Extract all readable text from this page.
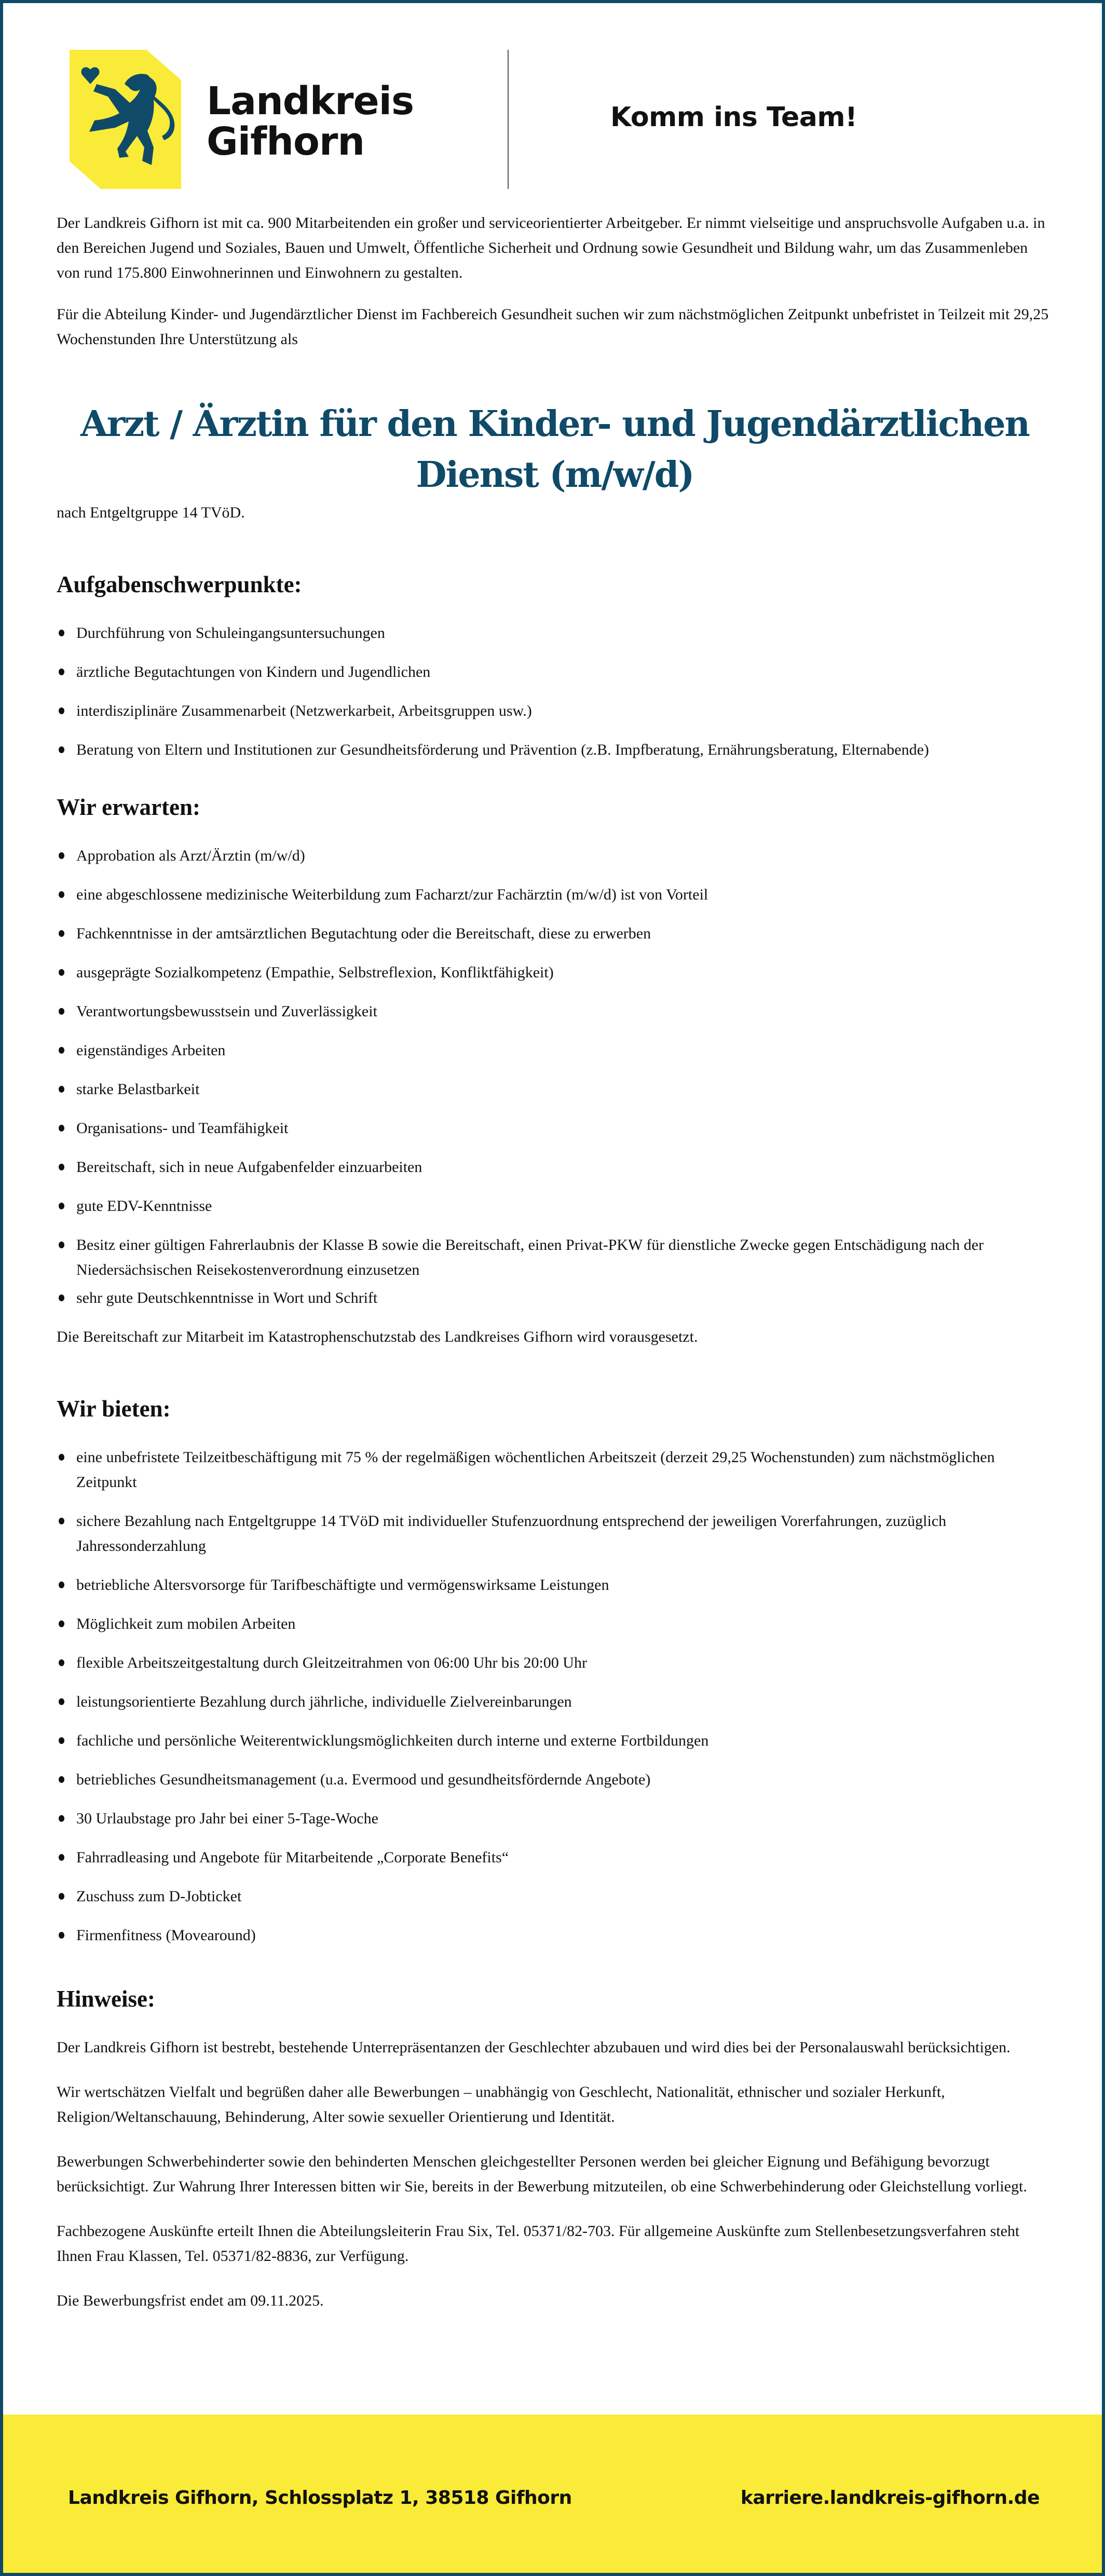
Landkreis
Gifhorn
Komm ins Team!

Der Landkreis Gifhorn ist mit ca. 900 Mitarbeitenden ein großer und serviceorientierter Arbeitgeber. Er nimmt vielseitige und anspruchsvolle Aufgaben u.a. in den Bereichen Jugend und Soziales, Bauen und Umwelt, Öffentliche Sicherheit und Ordnung sowie Gesundheit und Bildung wahr, um das Zusammenleben von rund 175.800 Einwohnerinnen und Einwohnern zu gestalten.

Für die Abteilung Kinder- und Jugendärztlicher Dienst im Fachbereich Gesundheit suchen wir zum nächstmöglichen Zeitpunkt unbefristet in Teilzeit mit 29,25 Wochenstunden Ihre Unterstützung als

Arzt / Ärztin für den Kinder- und Jugendärztlichen Dienst (m/w/d)

nach Entgeltgruppe 14 TVöD.

Aufgabenschwerpunkte:
Durchführung von Schuleingangsuntersuchungen
ärztliche Begutachtungen von Kindern und Jugendlichen
interdisziplinäre Zusammenarbeit (Netzwerkarbeit, Arbeitsgruppen usw.)
Beratung von Eltern und Institutionen zur Gesundheitsförderung und Prävention (z.B. Impfberatung, Ernährungsberatung, Elternabende)
Wir erwarten:
Approbation als Arzt/Ärztin (m/w/d)
eine abgeschlossene medizinische Weiterbildung zum Facharzt/zur Fachärztin (m/w/d) ist von Vorteil
Fachkenntnisse in der amtsärztlichen Begutachtung oder die Bereitschaft, diese zu erwerben
ausgeprägte Sozialkompetenz (Empathie, Selbstreflexion, Konfliktfähigkeit)
Verantwortungsbewusstsein und Zuverlässigkeit
eigenständiges Arbeiten
starke Belastbarkeit
Organisations- und Teamfähigkeit
Bereitschaft, sich in neue Aufgabenfelder einzuarbeiten
gute EDV-Kenntnisse
Besitz einer gültigen Fahrerlaubnis der Klasse B sowie die Bereitschaft, einen Privat-PKW für dienstliche Zwecke gegen Entschädigung nach der Niedersächsischen Reisekostenverordnung einzusetzen
sehr gute Deutschkenntnisse in Wort und Schrift

Die Bereitschaft zur Mitarbeit im Katastrophenschutzstab des Landkreises Gifhorn wird vorausgesetzt.

Wir bieten:
eine unbefristete Teilzeitbeschäftigung mit 75 % der regelmäßigen wöchentlichen Arbeitszeit (derzeit 29,25 Wochenstunden) zum nächstmöglichen Zeitpunkt
sichere Bezahlung nach Entgeltgruppe 14 TVöD mit individueller Stufenzuordnung entsprechend der jeweiligen Vorerfahrungen, zuzüglich Jahressonderzahlung
betriebliche Altersvorsorge für Tarifbeschäftigte und vermögenswirksame Leistungen
Möglichkeit zum mobilen Arbeiten
flexible Arbeitszeitgestaltung durch Gleitzeitrahmen von 06:00 Uhr bis 20:00 Uhr
leistungsorientierte Bezahlung durch jährliche, individuelle Zielvereinbarungen
fachliche und persönliche Weiterentwicklungsmöglichkeiten durch interne und externe Fortbildungen
betriebliches Gesundheitsmanagement (u.a. Evermood und gesundheitsfördernde Angebote)
30 Urlaubstage pro Jahr bei einer 5-Tage-Woche
Fahrradleasing und Angebote für Mitarbeitende „Corporate Benefits“
Zuschuss zum D-Jobticket
Firmenfitness (Movearound)
Hinweise:

Der Landkreis Gifhorn ist bestrebt, bestehende Unterrepräsentanzen der Geschlechter abzubauen und wird dies bei der Personalauswahl berücksichtigen.

Wir wertschätzen Vielfalt und begrüßen daher alle Bewerbungen – unabhängig von Geschlecht, Nationalität, ethnischer und sozialer Herkunft, Religion/Weltanschauung, Behinderung, Alter sowie sexueller Orientierung und Identität.

Bewerbungen Schwerbehinderter sowie den behinderten Menschen gleichgestellter Personen werden bei gleicher Eignung und Befähigung bevorzugt berücksichtigt. Zur Wahrung Ihrer Interessen bitten wir Sie, bereits in der Bewerbung mitzuteilen, ob eine Schwerbehinderung oder Gleichstellung vorliegt.

Fachbezogene Auskünfte erteilt Ihnen die Abteilungsleiterin Frau Six, Tel. 05371/82-703. Für allgemeine Auskünfte zum Stellenbesetzungsverfahren steht Ihnen Frau Klassen, Tel. 05371/82-8836, zur Verfügung.

Die Bewerbungsfrist endet am 09.11.2025.

Landkreis Gifhorn, Schlossplatz 1, 38518 Gifhorn	karriere.landkreis-gifhorn.de
